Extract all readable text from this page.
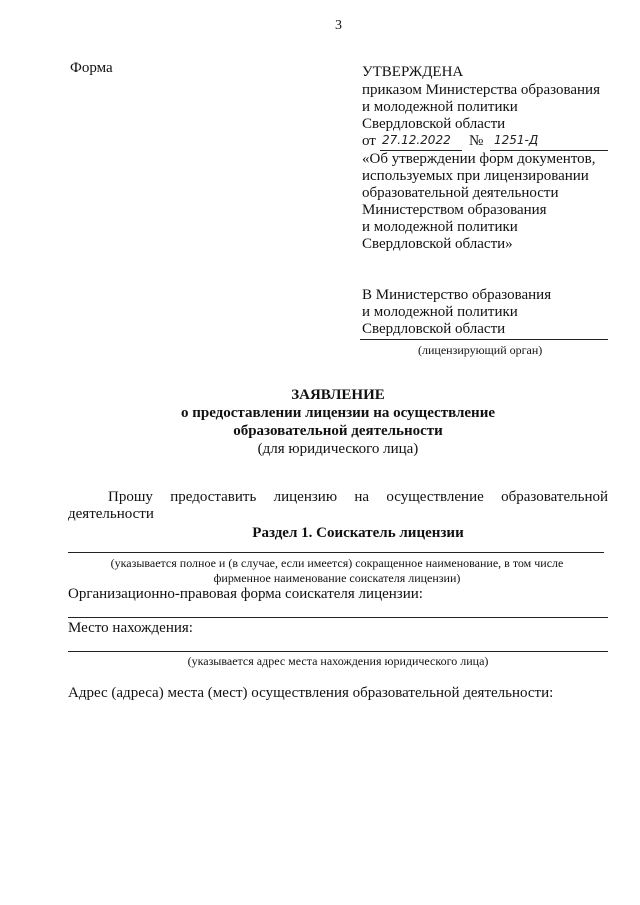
3
Форма	УТВЕРЖДЕНА
приказом Министерства образования
и молодежной политики
Свердловской области
от 27.12.2022 № 1251-Д
«Об утверждении форм документов,
используемых при лицензировании
образовательной деятельности
Министерством образования
и молодежной политики
Свердловской области»
В Министерство образования
и молодежной политики
Свердловской области
(лицензирующий орган)
ЗАЯВЛЕНИЕ
о предоставлении лицензии на осуществление
образовательной деятельности
(для юридического лица)
Прошу предоставить лицензию на осуществление образовательной
деятельности
Раздел 1. Соискатель лицензии
(указывается полное и (в случае, если имеется) сокращенное наименование, в том числе
фирменное наименование соискателя лицензии)
Организационно-правовая форма соискателя лицензии:
Место нахождения:
(указывается адрес места нахождения юридического лица)
Адрес (адреса) места (мест) осуществления образовательной деятельности:
